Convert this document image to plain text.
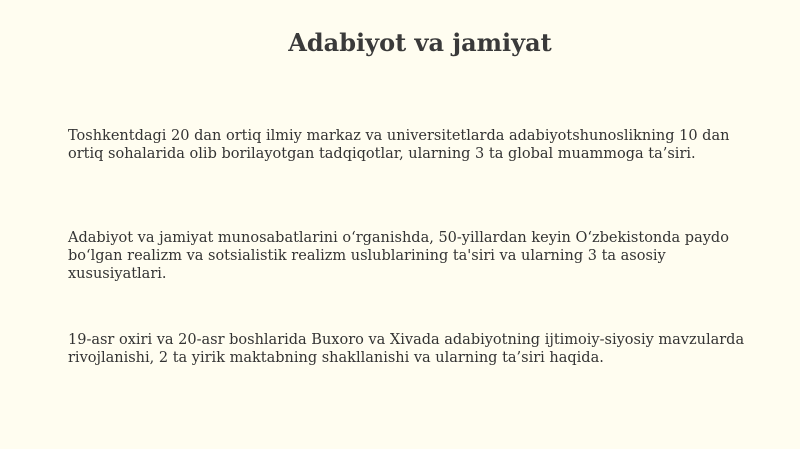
Adabiyot va jamiyat

Toshkentdagi 20 dan ortiq ilmiy markaz va universitetlarda adabiyotshunoslikning 10 dan ortiq sohalarida olib borilayotgan tadqiqotlar, ularning 3 ta global muammoga ta’siri.

Adabiyot va jamiyat munosabatlarini o‘rganishda, 50-yillardan keyin O‘zbekistonda paydo bo‘lgan realizm va sotsialistik realizm uslublarining ta'siri va ularning 3 ta asosiy xususiyatlari.

19-asr oxiri va 20-asr boshlarida Buxoro va Xivada adabiyotning ijtimoiy-siyosiy mavzularda rivojlanishi, 2 ta yirik maktabning shakllanishi va ularning ta’siri haqida.
